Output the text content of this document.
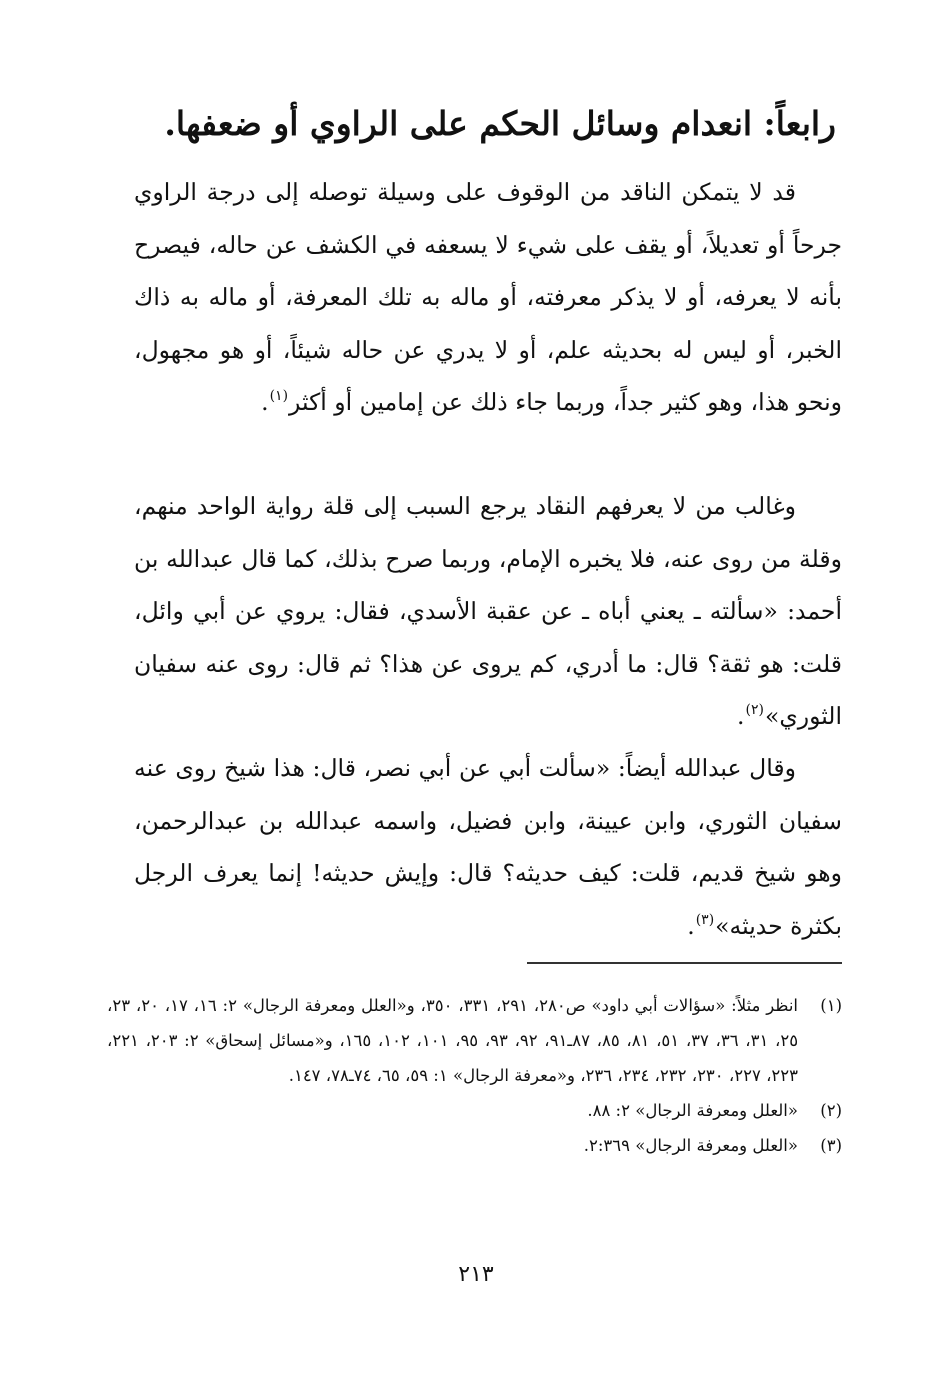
رابعاً: انعدام وسائل الحكم على الراوي أو ضعفها.

قد لا يتمكن الناقد من الوقوف على وسيلة توصله إلى درجة الراوي جرحاً أو تعديلاً، أو يقف على شيء لا يسعفه في الكشف عن حاله، فيصرح بأنه لا يعرفه، أو لا يذكر معرفته، أو ماله به تلك المعرفة، أو ماله به ذاك الخبر، أو ليس له بحديثه علم، أو لا يدري عن حاله شيئاً، أو هو مجهول، ونحو هذا، وهو كثير جداً، وربما جاء ذلك عن إمامين أو أكثر$^{(١)}$.

وغالب من لا يعرفهم النقاد يرجع السبب إلى قلة رواية الواحد منهم، وقلة من روى عنه، فلا يخبره الإمام، وربما صرح بذلك، كما قال عبدالله بن أحمد: «سألته ـ يعني أباه ـ عن عقبة الأسدي، فقال: يروي عن أبي وائل، قلت: هو ثقة؟ قال: ما أدري، كم يروى عن هذا؟ ثم قال: روى عنه سفيان الثوري»$^{(٢)}$.

وقال عبدالله أيضاً: «سألت أبي عن أبي نصر، قال: هذا شيخ روى عنه سفيان الثوري، وابن عيينة، وابن فضيل، واسمه عبدالله بن عبدالرحمن، وهو شيخ قديم، قلت: كيف حديثه؟ قال: وإيش حديثه! إنما يعرف الرجل بكثرة حديثه»$^{(٣)}$.

(١)
انظر مثلاً: «سؤالات أبي داود» ص٢٨٠، ٢٩١، ٣٣١، ٣٥٠، و«العلل ومعرفة الرجال» ٢: ١٦، ١٧، ٢٠، ٢٣، ٢٥، ٣١، ٣٦، ٣٧، ٥١، ٨١، ٨٥، ٨٧ـ٩١، ٩٢، ٩٣، ٩٥، ١٠١، ١٠٢، ١٦٥، و«مسائل إسحاق» ٢: ٢٠٣، ٢٢١، ٢٢٣، ٢٢٧، ٢٣٠، ٢٣٢، ٢٣٤، ٢٣٦، و«معرفة الرجال» ١: ٥٩، ٦٥، ٧٤ـ٧٨، ١٤٧.
(٢)
«العلل ومعرفة الرجال» ٢: ٨٨.
(٣)
«العلل ومعرفة الرجال» ٢:٣٦٩.

٢١٣
